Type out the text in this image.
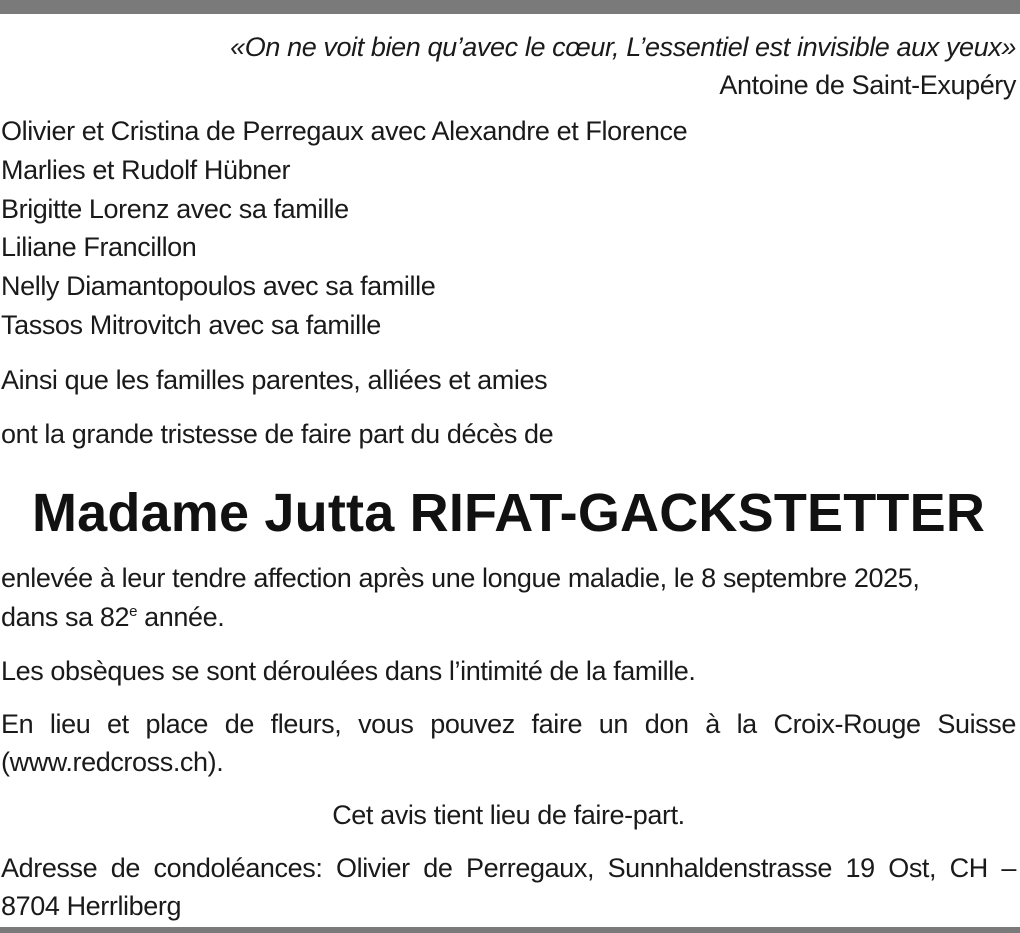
«On ne voit bien qu’avec le cœur, L’essentiel est invisible aux yeux»
Antoine de Saint-Exupéry
Olivier et Cristina de Perregaux avec Alexandre et Florence
Marlies et Rudolf Hübner
Brigitte Lorenz avec sa famille
Liliane Francillon
Nelly Diamantopoulos avec sa famille
Tassos Mitrovitch avec sa famille
Ainsi que les familles parentes, alliées et amies
ont la grande tristesse de faire part du décès de
Madame Jutta RIFAT-GACKSTETTER
enlevée à leur tendre affection après une longue maladie, le 8 septembre 2025,
dans sa 82e année.
Les obsèques se sont déroulées dans l’intimité de la famille.
En lieu et place de fleurs, vous pouvez faire un don à la Croix-Rouge Suisse (www.redcross.ch).
Cet avis tient lieu de faire-part.
Adresse de condoléances: Olivier de Perregaux, Sunnhaldenstrasse 19 Ost, CH – 8704 Herrliberg
